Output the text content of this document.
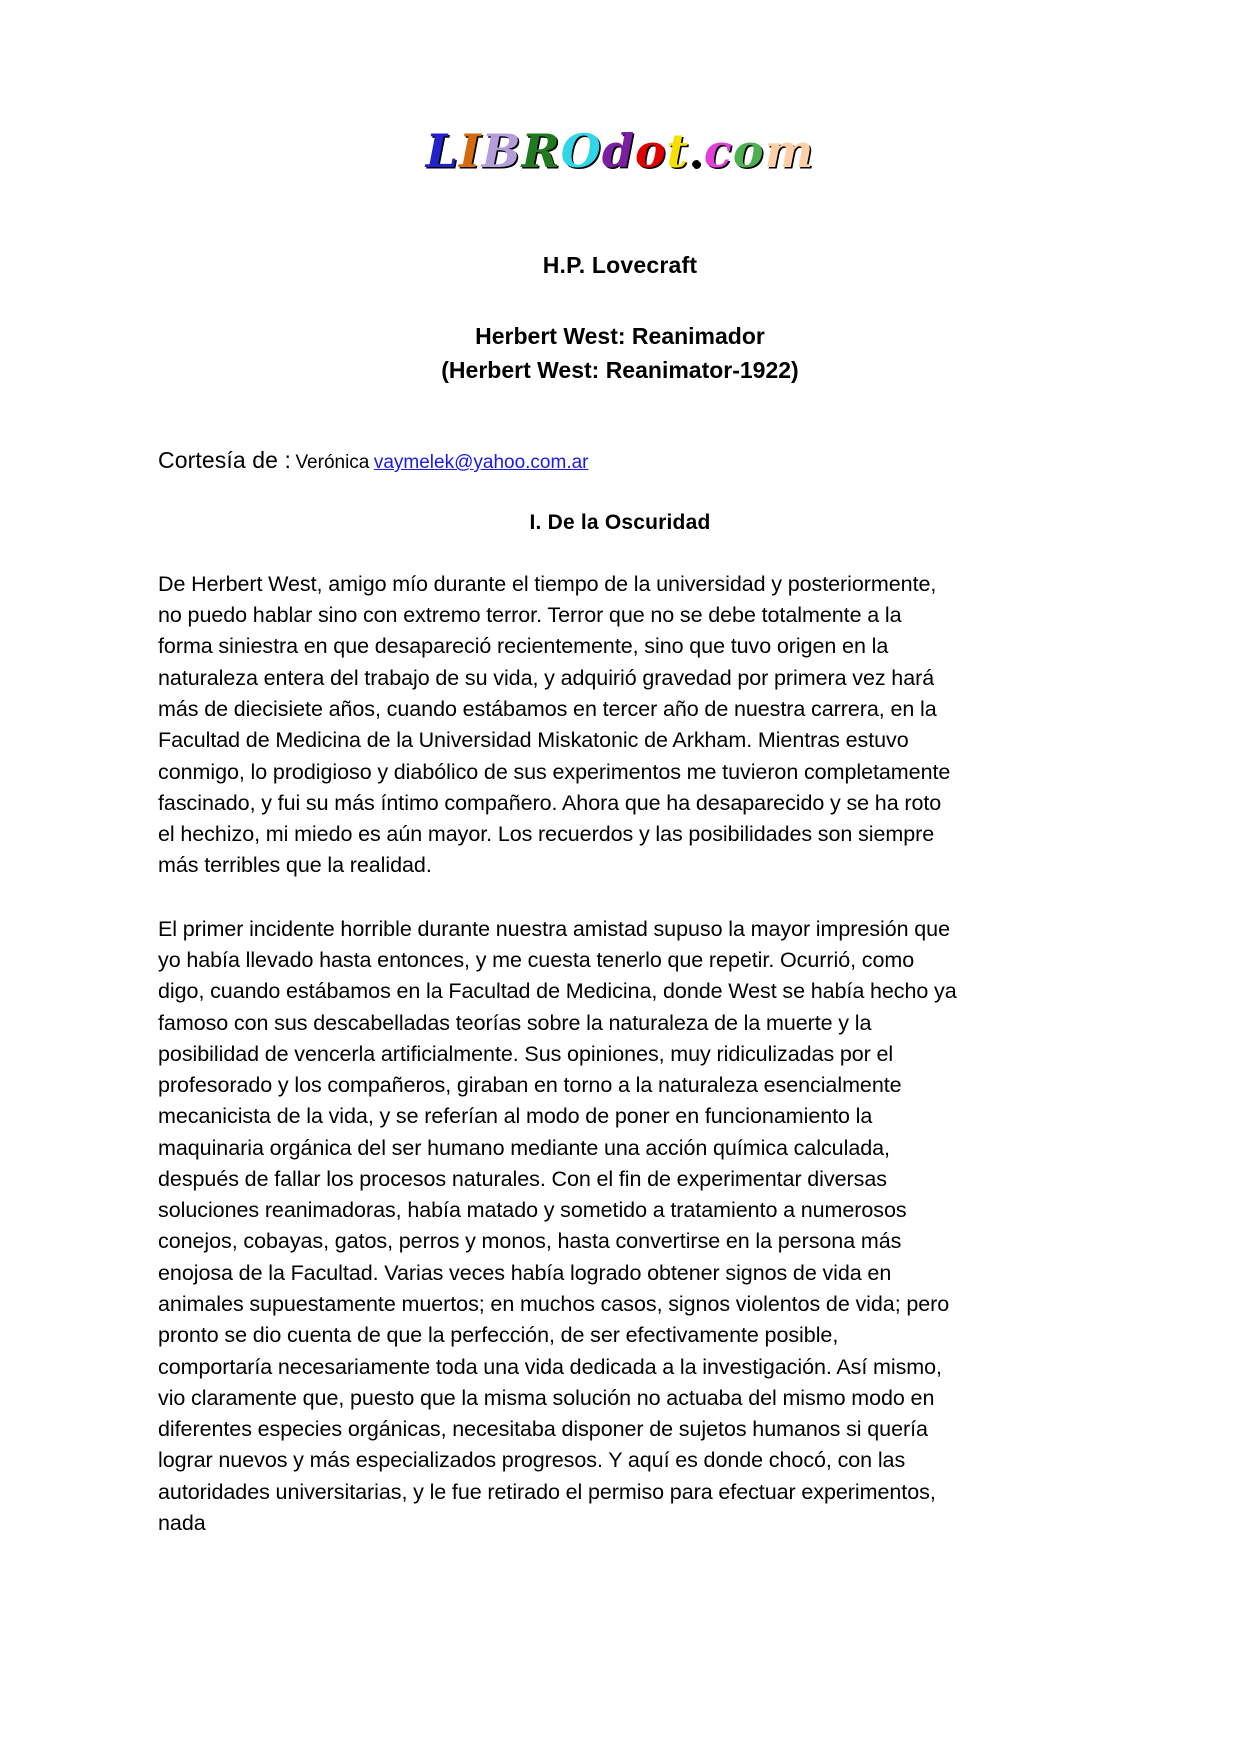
LIBROdot.com
H.P. Lovecraft
Herbert West: Reanimador
(Herbert West: Reanimator-1922)
Cortesía de : Verónica vaymelek@yahoo.com.ar
I. De la Oscuridad

De Herbert West, amigo mío durante el tiempo de la universidad y posteriormente, no puedo hablar sino con extremo terror. Terror que no se debe totalmente a la forma siniestra en que desapareció recientemente, sino que tuvo origen en la naturaleza entera del trabajo de su vida, y adquirió gravedad por primera vez hará más de diecisiete años, cuando estábamos en tercer año de nuestra carrera, en la Facultad de Medicina de la Universidad Miskatonic de Arkham. Mientras estuvo conmigo, lo prodigioso y diabólico de sus experimentos me tuvieron completamente fascinado, y fui su más íntimo compañero. Ahora que ha desaparecido y se ha roto el hechizo, mi miedo es aún mayor. Los recuerdos y las posibilidades son siempre más terribles que la realidad.

El primer incidente horrible durante nuestra amistad supuso la mayor impresión que yo había llevado hasta entonces, y me cuesta tenerlo que repetir. Ocurrió, como digo, cuando estábamos en la Facultad de Medicina, donde West se había hecho ya famoso con sus descabelladas teorías sobre la naturaleza de la muerte y la posibilidad de vencerla artificialmente. Sus opiniones, muy ridiculizadas por el profesorado y los compañeros, giraban en torno a la naturaleza esencialmente mecanicista de la vida, y se referían al modo de poner en funcionamiento la maquinaria orgánica del ser humano mediante una acción química calculada, después de fallar los procesos naturales. Con el fin de experimentar diversas soluciones reanimadoras, había matado y sometido a tratamiento a numerosos conejos, cobayas, gatos, perros y monos, hasta convertirse en la persona más enojosa de la Facultad. Varias veces había logrado obtener signos de vida en animales supuestamente muertos; en muchos casos, signos violentos de vida; pero pronto se dio cuenta de que la perfección, de ser efectivamente posible, comportaría necesariamente toda una vida dedicada a la investigación. Así mismo, vio claramente que, puesto que la misma solución no actuaba del mismo modo en diferentes especies orgánicas, necesitaba disponer de sujetos humanos si quería lograr nuevos y más especializados progresos. Y aquí es donde chocó, con las autoridades universitarias, y le fue retirado el permiso para efectuar experimentos, nada
